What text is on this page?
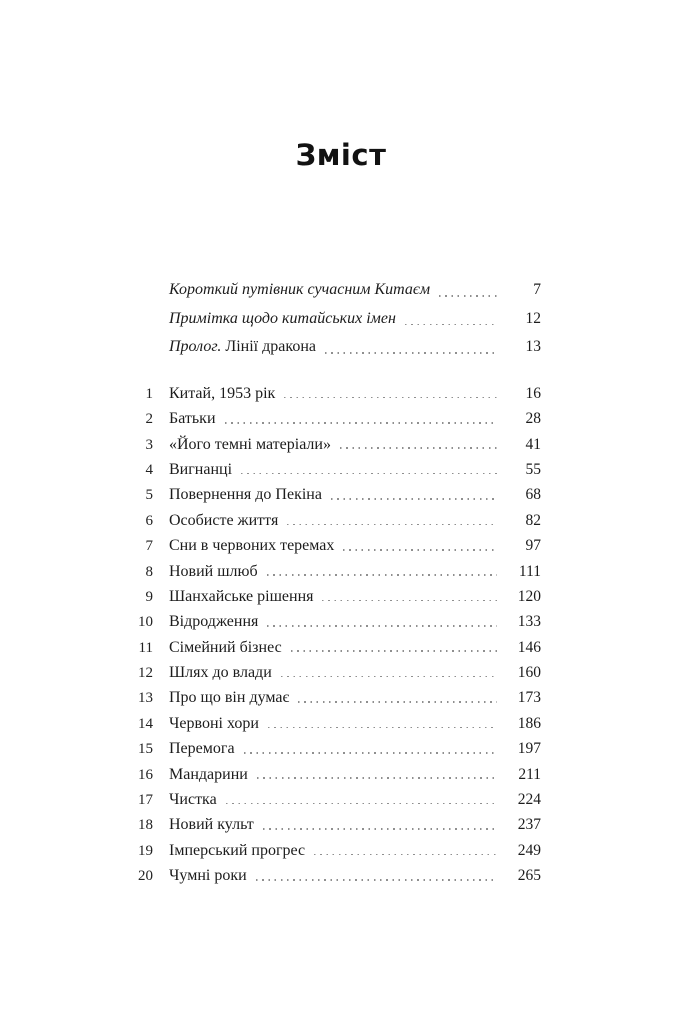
Зміст
Короткий путівник сучасним Китаєм	7
Примітка щодо китайських імен	12
Пролог. Лінії дракона	13
1 Китай, 1953 рік	16
2 Батьки	28
3 «Його темні матеріали»	41
4 Вигнанці	55
5 Повернення до Пекіна	68
6 Особисте життя	82
7 Сни в червоних теремах	97
8 Новий шлюб	111
9 Шанхайське рішення	120
10 Відродження	133
11 Сімейний бізнес	146
12 Шлях до влади	160
13 Про що він думає	173
14 Червоні хори	186
15 Перемога	197
16 Мандарини	211
17 Чистка	224
18 Новий культ	237
19 Імперський прогрес	249
20 Чумні роки	265
